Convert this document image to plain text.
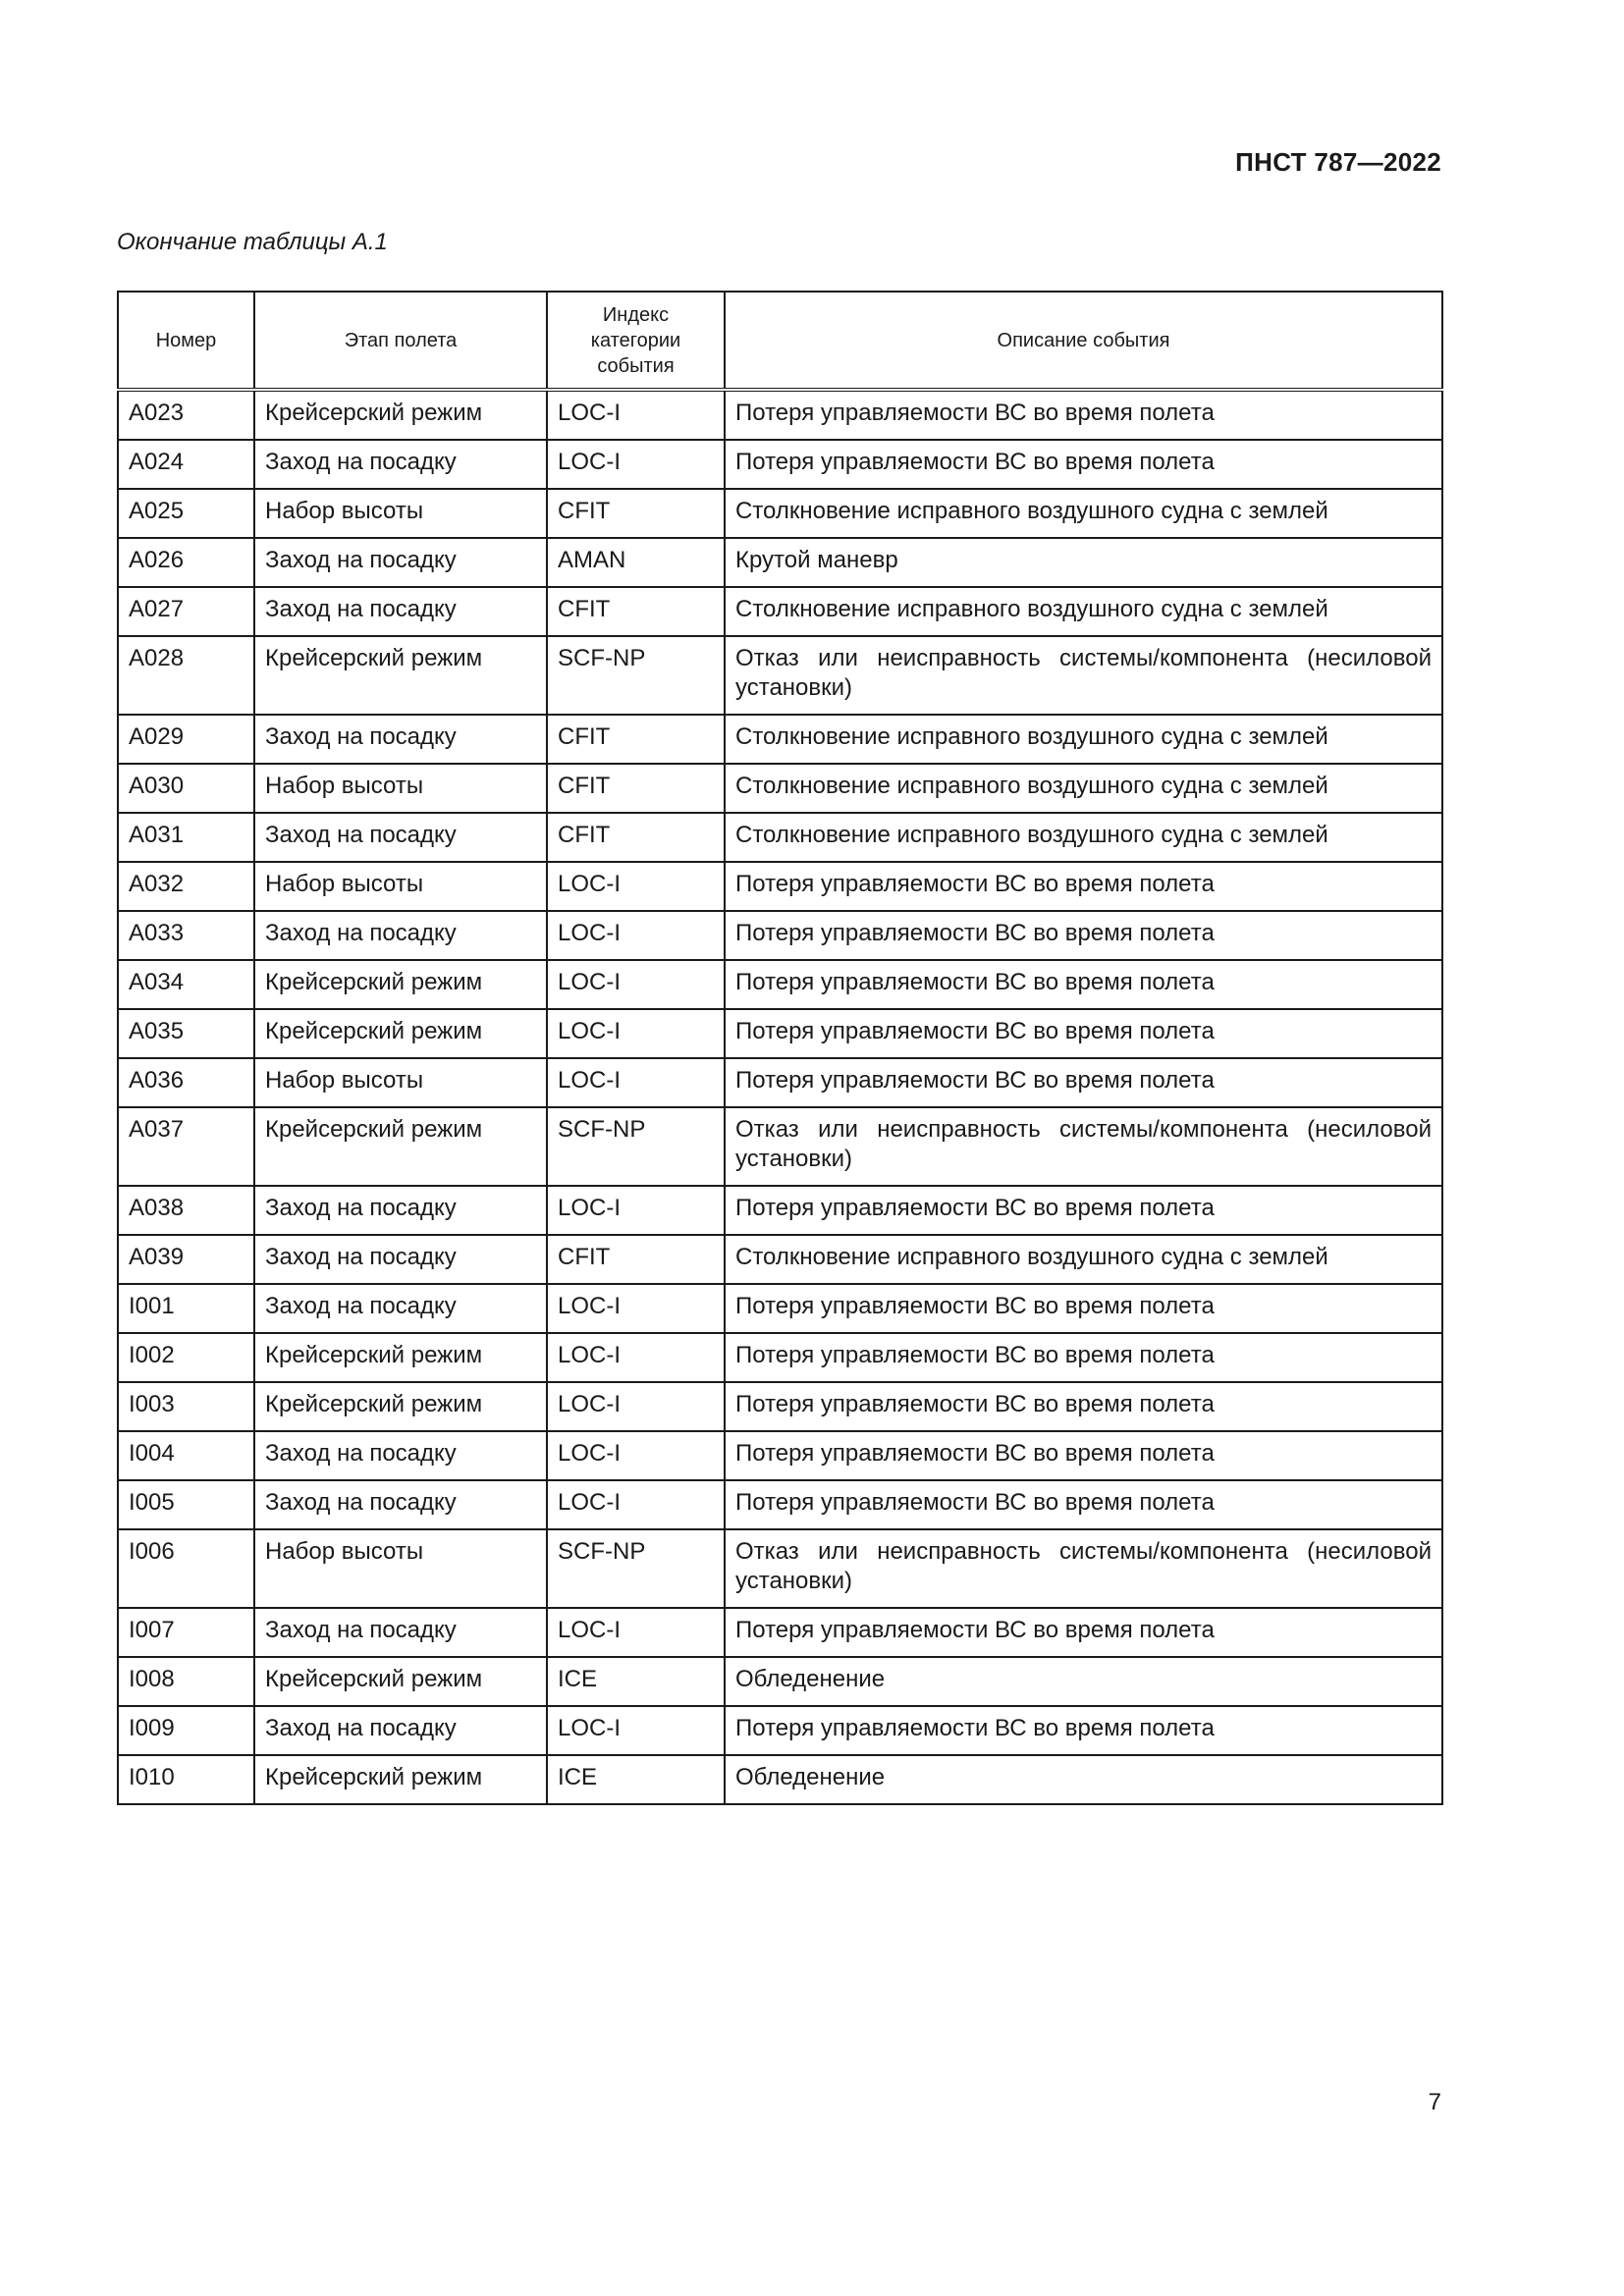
ПНСТ 787—2022
Окончание таблицы А.1
Номер	Этап полета	Индекс категории события	Описание события
А023	Крейсерский режим	LOC-I	Потеря управляемости ВС во время полета
А024	Заход на посадку	LOC-I	Потеря управляемости ВС во время полета
А025	Набор высоты	CFIT	Столкновение исправного воздушного судна с землей
А026	Заход на посадку	AMAN	Крутой маневр
А027	Заход на посадку	CFIT	Столкновение исправного воздушного судна с землей
А028	Крейсерский режим	SCF-NP	Отказ или неисправность системы/компонента (несиловой установки)
А029	Заход на посадку	CFIT	Столкновение исправного воздушного судна с землей
А030	Набор высоты	CFIT	Столкновение исправного воздушного судна с землей
А031	Заход на посадку	CFIT	Столкновение исправного воздушного судна с землей
А032	Набор высоты	LOC-I	Потеря управляемости ВС во время полета
А033	Заход на посадку	LOC-I	Потеря управляемости ВС во время полета
А034	Крейсерский режим	LOC-I	Потеря управляемости ВС во время полета
А035	Крейсерский режим	LOC-I	Потеря управляемости ВС во время полета
А036	Набор высоты	LOC-I	Потеря управляемости ВС во время полета
А037	Крейсерский режим	SCF-NP	Отказ или неисправность системы/компонента (несиловой установки)
А038	Заход на посадку	LOC-I	Потеря управляемости ВС во время полета
А039	Заход на посадку	CFIT	Столкновение исправного воздушного судна с землей
I001	Заход на посадку	LOC-I	Потеря управляемости ВС во время полета
I002	Крейсерский режим	LOC-I	Потеря управляемости ВС во время полета
I003	Крейсерский режим	LOC-I	Потеря управляемости ВС во время полета
I004	Заход на посадку	LOC-I	Потеря управляемости ВС во время полета
I005	Заход на посадку	LOC-I	Потеря управляемости ВС во время полета
I006	Набор высоты	SCF-NP	Отказ или неисправность системы/компонента (несиловой установки)
I007	Заход на посадку	LOC-I	Потеря управляемости ВС во время полета
I008	Крейсерский режим	ICE	Обледенение
I009	Заход на посадку	LOC-I	Потеря управляемости ВС во время полета
I010	Крейсерский режим	ICE	Обледенение
7
